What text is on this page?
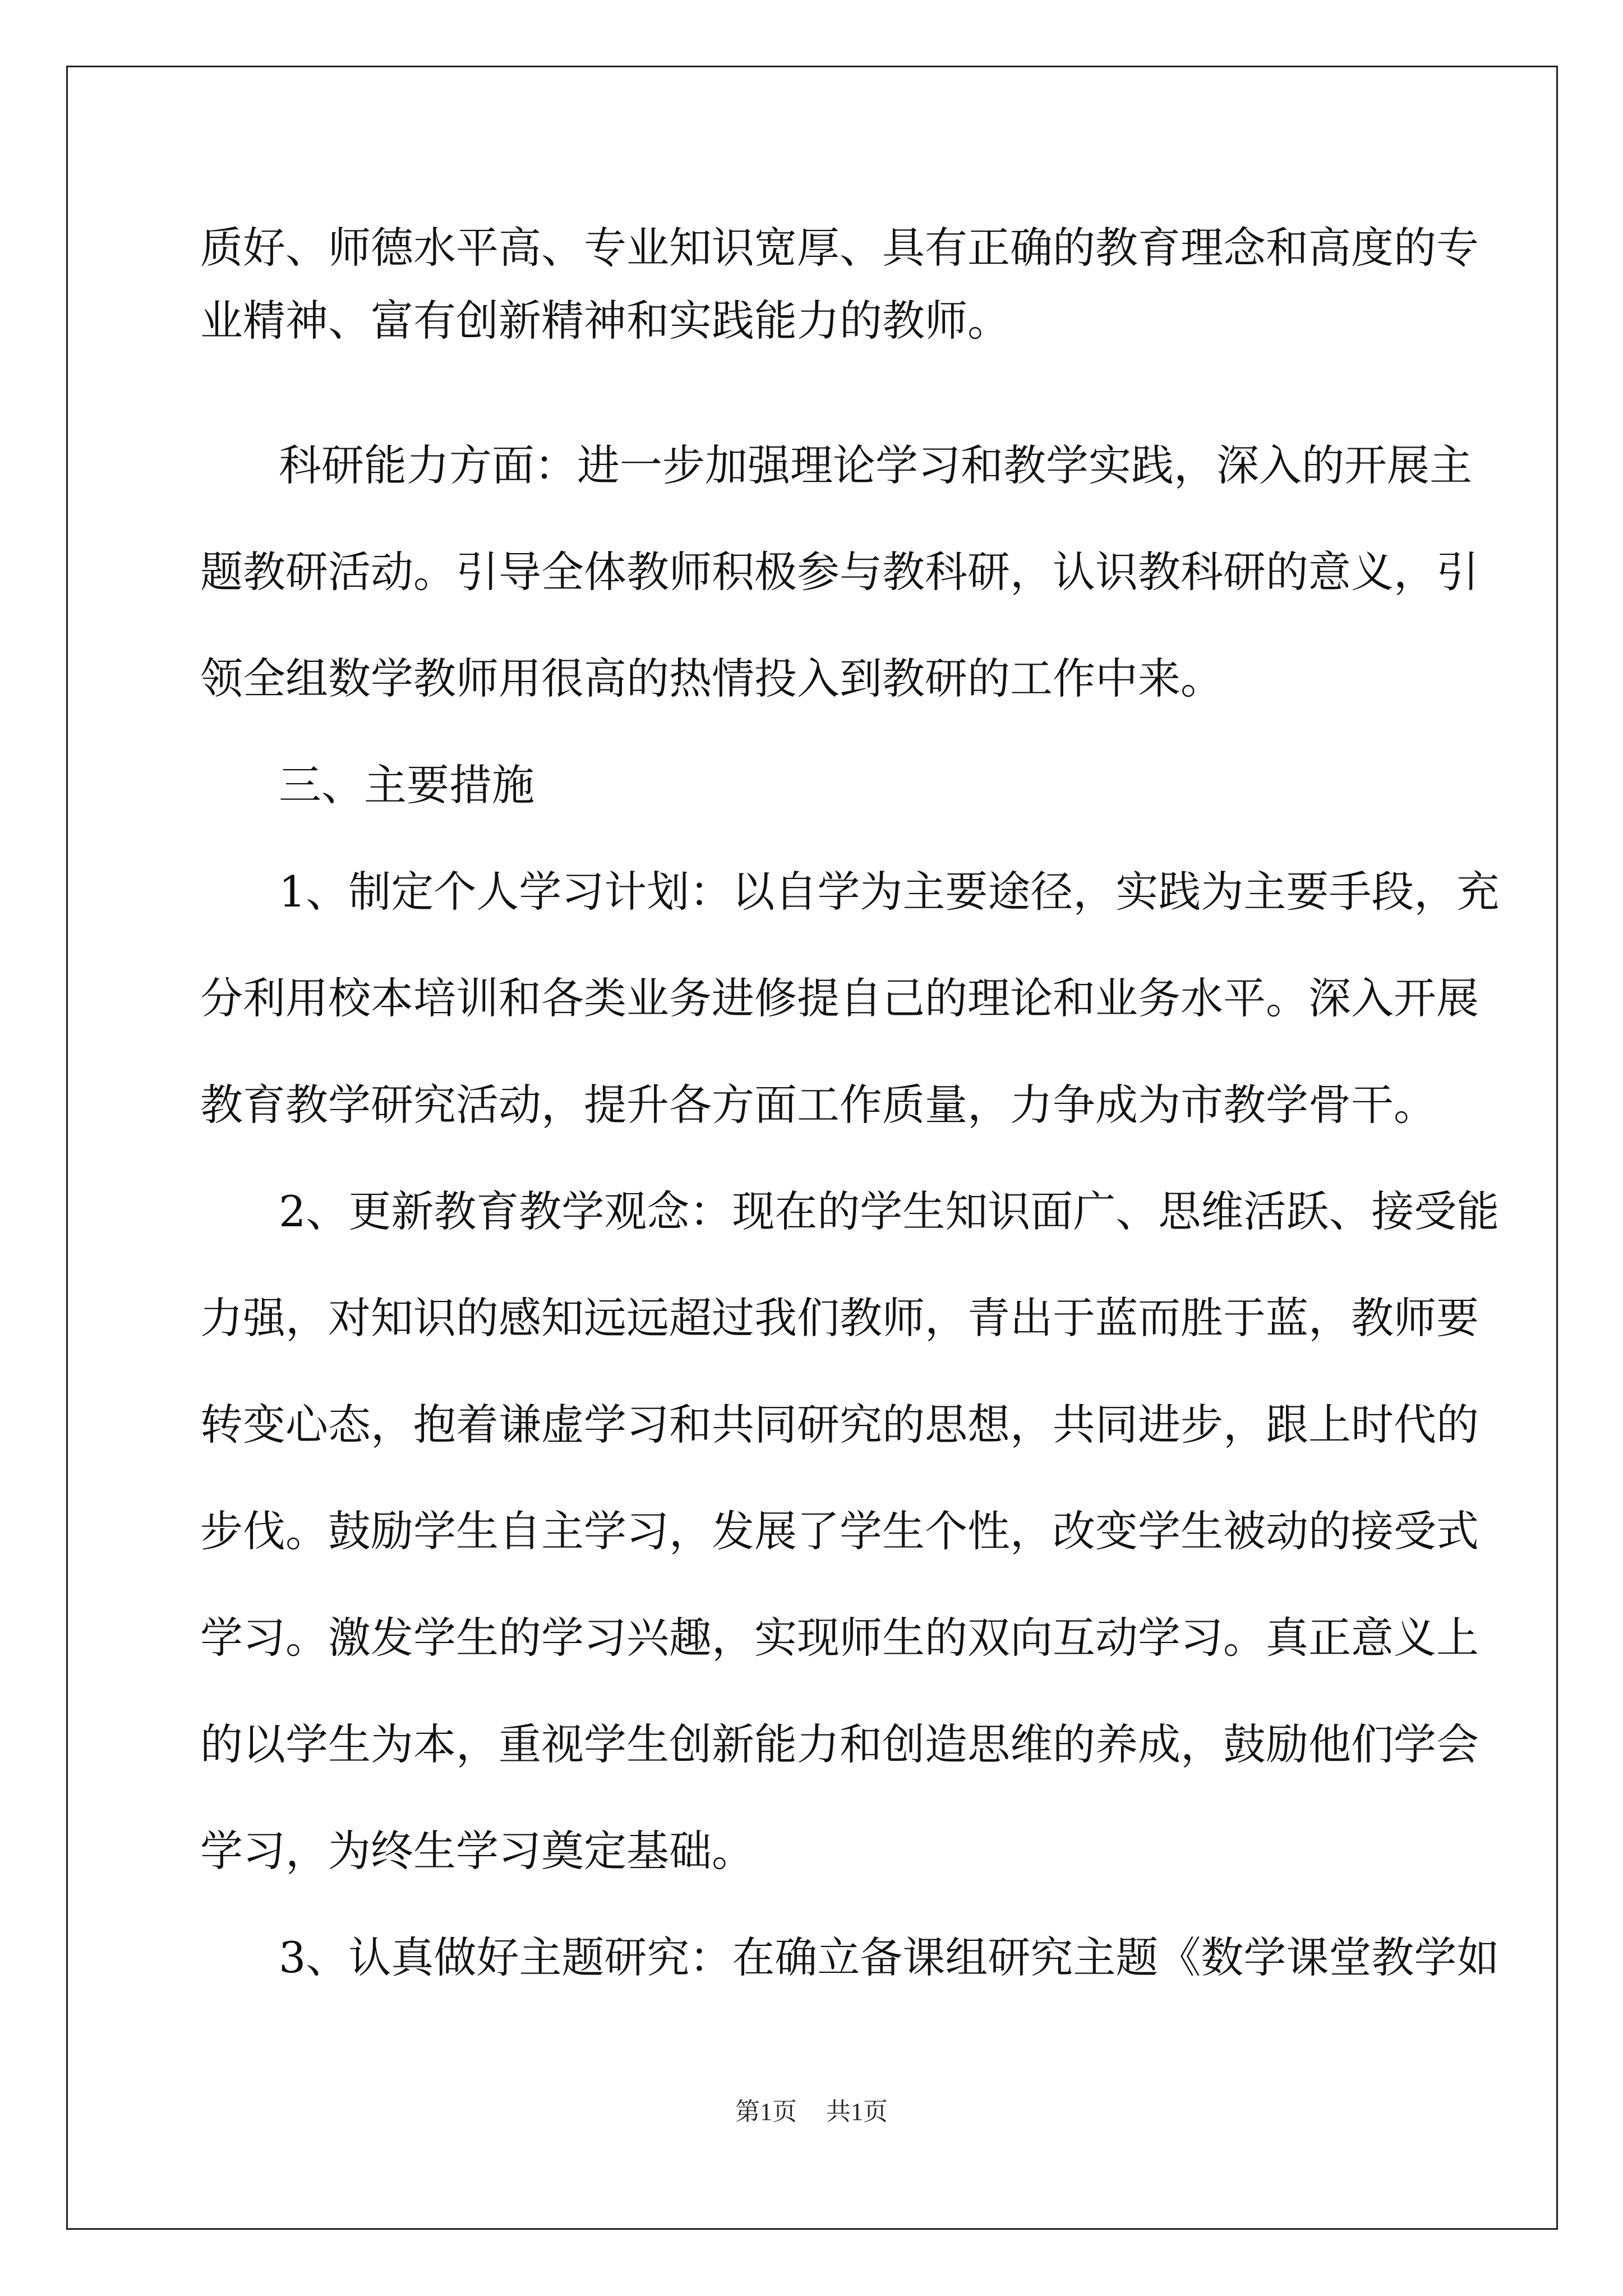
质好、师德水平高、专业知识宽厚、具有正确的教育理念和高度的专
业精神、富有创新精神和实践能力的教师。
科研能力方面：进一步加强理论学习和教学实践，深入的开展主
题教研活动。引导全体教师积极参与教科研，认识教科研的意义，引
领全组数学教师用很高的热情投入到教研的工作中来。
三、主要措施
1、制定个人学习计划：以自学为主要途径，实践为主要手段，充
分利用校本培训和各类业务进修提自己的理论和业务水平。深入开展
教育教学研究活动，提升各方面工作质量，力争成为市教学骨干。
2、更新教育教学观念：现在的学生知识面广、思维活跃、接受能
力强，对知识的感知远远超过我们教师，青出于蓝而胜于蓝，教师要
转变心态，抱着谦虚学习和共同研究的思想，共同进步，跟上时代的
步伐。鼓励学生自主学习，发展了学生个性，改变学生被动的接受式
学习。激发学生的学习兴趣，实现师生的双向互动学习。真正意义上
的以学生为本，重视学生创新能力和创造思维的养成，鼓励他们学会
学习，为终生学习奠定基础。
3、认真做好主题研究：在确立备课组研究主题《数学课堂教学如
第1页 共1页
